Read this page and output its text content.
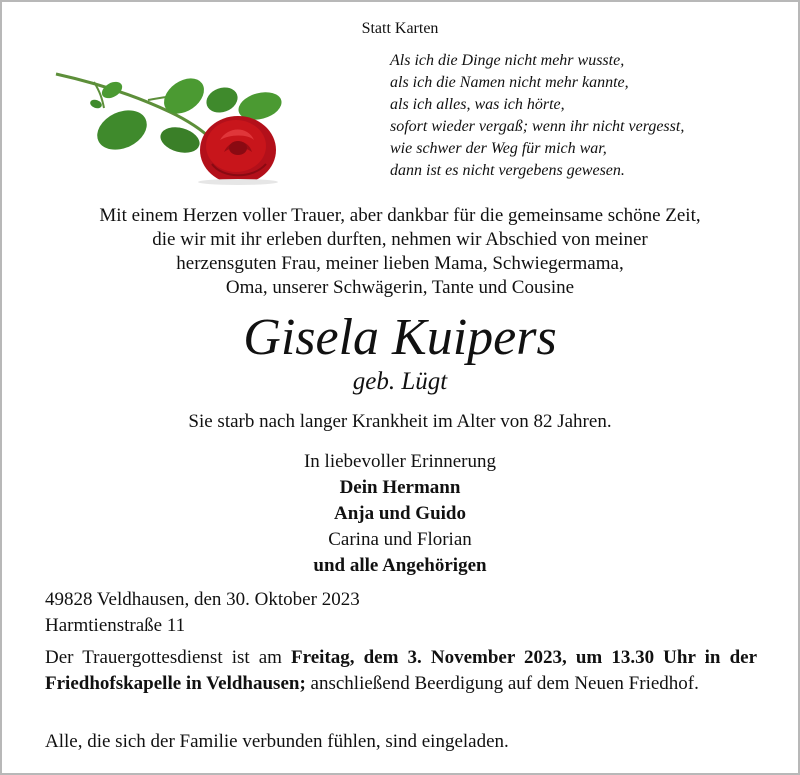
Statt Karten
Als ich die Dinge nicht mehr wusste,
als ich die Namen nicht mehr kannte,
als ich alles, was ich hörte,
sofort wieder vergaß; wenn ihr nicht vergesst,
wie schwer der Weg für mich war,
dann ist es nicht vergebens gewesen.
Mit einem Herzen voller Trauer, aber dankbar für die gemeinsame schöne Zeit,
die wir mit ihr erleben durften, nehmen wir Abschied von meiner
herzensguten Frau, meiner lieben Mama, Schwiegermama,
Oma, unserer Schwägerin, Tante und Cousine
Gisela Kuipers
geb. Lügt
Sie starb nach langer Krankheit im Alter von 82 Jahren.
In liebevoller Erinnerung
Dein Hermann
Anja und Guido
Carina und Florian
und alle Angehörigen
49828 Veldhausen, den 30. Oktober 2023
Harmtienstraße 11
Der Trauergottesdienst ist am Freitag, dem 3. November 2023, um 13.30 Uhr in der Friedhofskapelle in Veldhausen; anschließend Beerdigung auf dem Neuen Friedhof.
Alle, die sich der Familie verbunden fühlen, sind eingeladen.
